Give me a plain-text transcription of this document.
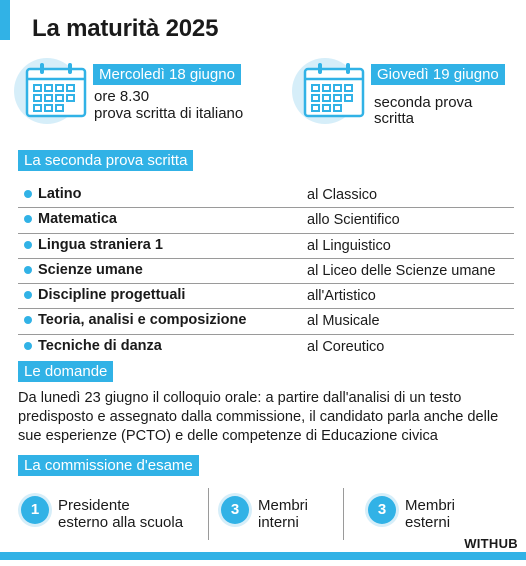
La maturità 2025
Mercoledì 18 giugno
ore 8.30
prova scritta di italiano
Giovedì 19 giugno
seconda prova
scritta
La seconda prova scritta
Latino	al Classico
Matematica	allo Scientifico
Lingua straniera 1	al Linguistico
Scienze umane	al Liceo delle Scienze umane
Discipline progettuali	all'Artistico
Teoria, analisi e composizione	al Musicale
Tecniche di danza	al Coreutico
Le domande

Da lunedì 23 giugno il colloquio orale: a partire dall'analisi di un testo predisposto e assegnato dalla commissione, il candidato parla anche delle sue esperienze (PCTO) e delle competenze di Educazione civica

La commissione d'esame
1	Presidente
esterno alla scuola
3	Membri
interni
3	Membri
esterni
WITHUB
